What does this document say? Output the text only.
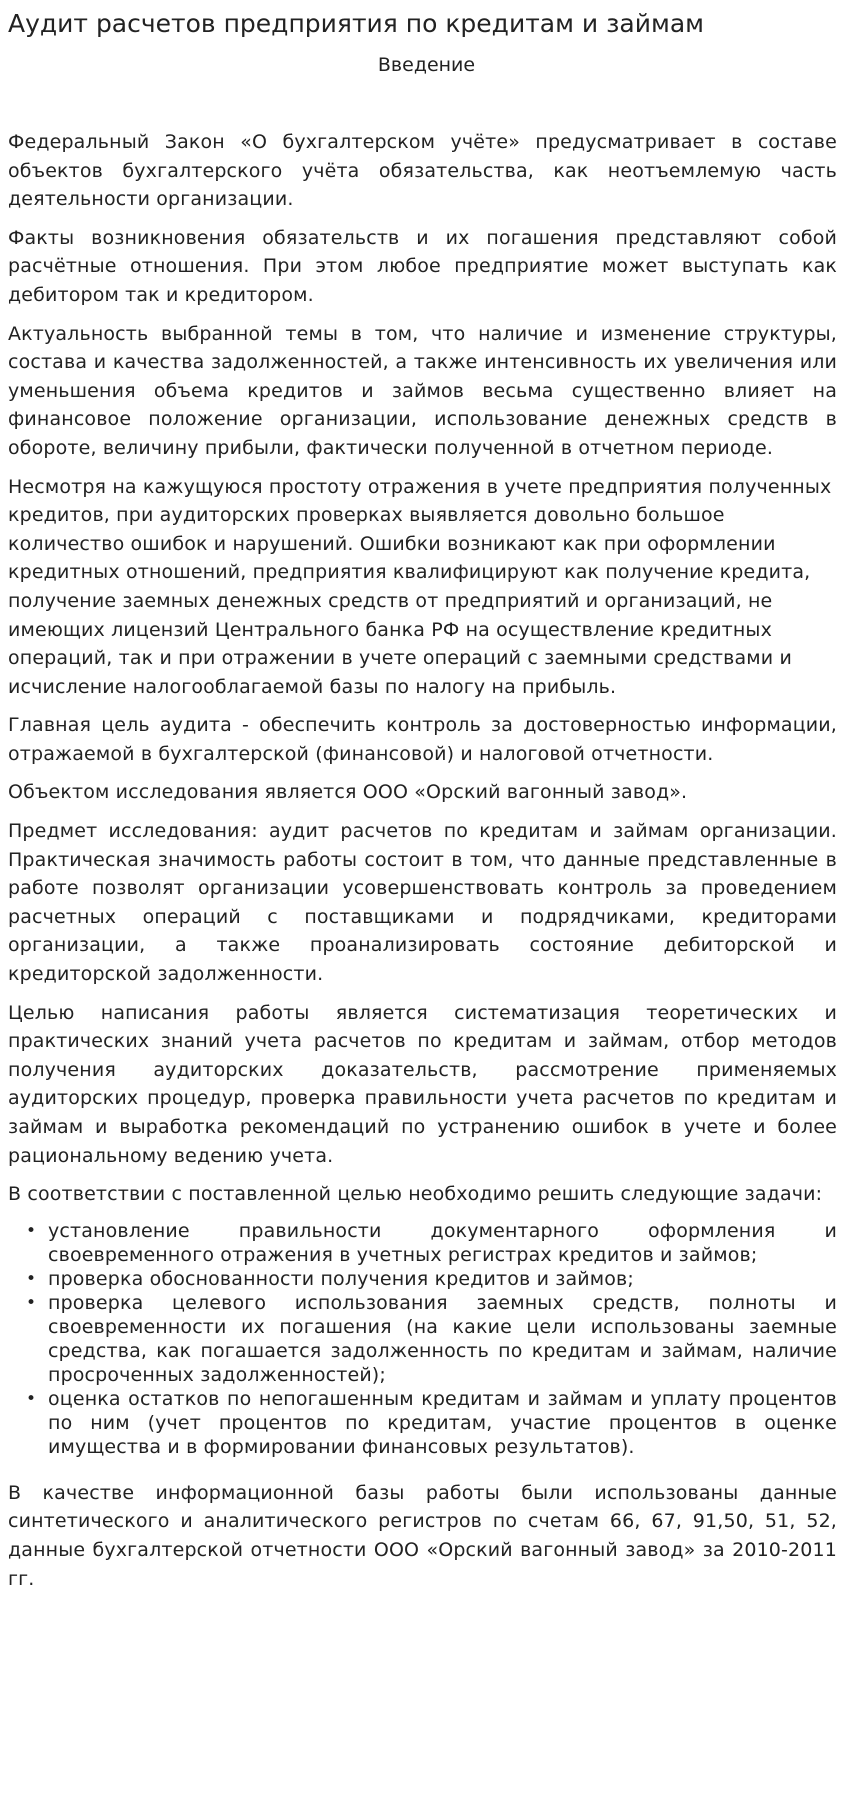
Аудит расчетов предприятия по кредитам и займам
Введение

Федеральный Закон «О бухгалтерском учёте» предусматривает в составе объектов бухгалтерского учёта обязательства, как неотъемлемую часть деятельности организации.

Факты возникновения обязательств и их погашения представляют собой расчётные отношения. При этом любое предприятие может выступать как дебитором так и кредитором.

Актуальность выбранной темы в том, что наличие и изменение структуры, состава и качества задолженностей, а также интенсивность их увеличения или уменьшения объема кредитов и займов весьма существенно влияет на финансовое положение организации, использование денежных средств в обороте, величину прибыли, фактически полученной в отчетном периоде.

Несмотря на кажущуюся простоту отражения в учете предприятия полученных кредитов, при аудиторских проверках выявляется довольно большое количество ошибок и нарушений. Ошибки возникают как при оформлении кредитных отношений, предприятия квалифицируют как получение кредита, получение заемных денежных средств от предприятий и организаций, не имеющих лицензий Центрального банка РФ на осуществление кредитных операций, так и при отражении в учете операций с заемными средствами и исчисление налогооблагаемой базы по налогу на прибыль.

Главная цель аудита - обеспечить контроль за достоверностью информации, отражаемой в бухгалтерской (финансовой) и налоговой отчетности.

Объектом исследования является ООО «Орский вагонный завод».

Предмет исследования: аудит расчетов по кредитам и займам организации. Практическая значимость работы состоит в том, что данные представленные в работе позволят организации усовершенствовать контроль за проведением расчетных операций с поставщиками и подрядчиками, кредиторами организации, а также проанализировать состояние дебиторской и кредиторской задолженности.

Целью написания работы является систематизация теоретических и практических знаний учета расчетов по кредитам и займам, отбор методов получения аудиторских доказательств, рассмотрение применяемых аудиторских процедур, проверка правильности учета расчетов по кредитам и займам и выработка рекомендаций по устранению ошибок в учете и более рациональному ведению учета.

В соответствии с поставленной целью необходимо решить следующие задачи:

• установление правильности документарного оформления и своевременного отражения в учетных регистрах кредитов и займов;
• проверка обоснованности получения кредитов и займов;
• проверка целевого использования заемных средств, полноты и своевременности их погашения (на какие цели использованы заемные средства, как погашается задолженность по кредитам и займам, наличие просроченных задолженностей);
• оценка остатков по непогашенным кредитам и займам и уплату процентов по ним (учет процентов по кредитам, участие процентов в оценке имущества и в формировании финансовых результатов).

В качестве информационной базы работы были использованы данные синтетического и аналитического регистров по счетам 66, 67, 91,50, 51, 52, данные бухгалтерской отчетности ООО «Орский вагонный завод» за 2010-2011 гг.
